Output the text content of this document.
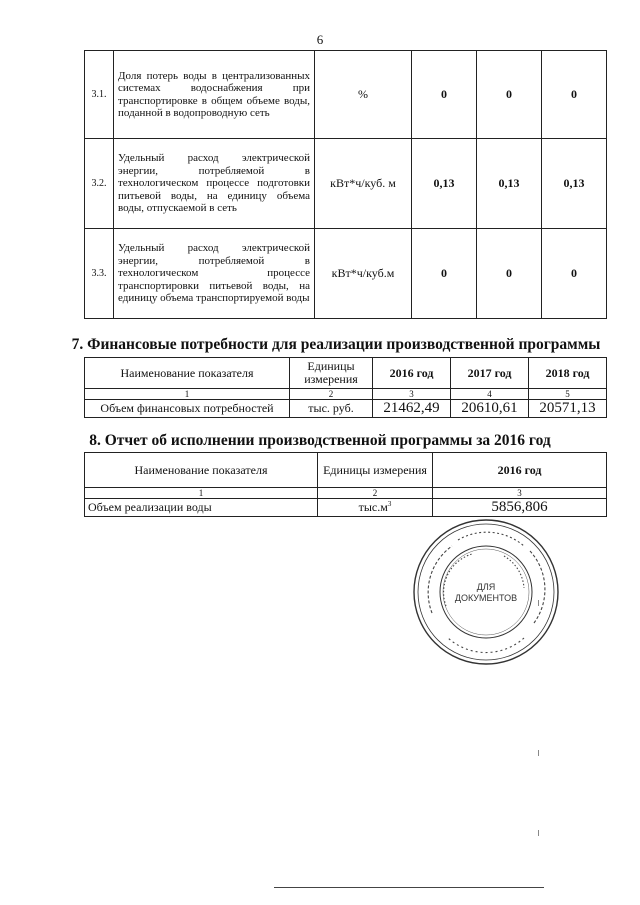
6
3.1.	Доля потерь воды в централизованных системах водоснабжения при транспортировке в общем объеме воды, поданной в водопроводную сеть	%	0	0	0
3.2.	Удельный расход электрической энергии, потребляемой в технологическом процессе подготовки питьевой воды, на единицу объема воды, отпускаемой в сеть	кВт*ч/куб. м	0,13	0,13	0,13
3.3.	Удельный расход электрической энергии, потребляемой в технологическом процессе транспортировки питьевой воды, на единицу объема транспортируемой воды	кВт*ч/куб.м	0	0	0
7. Финансовые потребности для реализации производственной программы
Наименование показателя	Единицы измерения	2016 год	2017 год	2018 год
1	2	3	4	5
Объем финансовых потребностей	тыс. руб.	21462,49	20610,61	20571,13
8. Отчет об исполнении производственной программы за 2016 год
Наименование показателя	Единицы измерения	2016 год
1	2	3
Объем реализации воды	$тыс.м^3$	5856,806
ДЛЯ
ДОКУМЕНТОВ
